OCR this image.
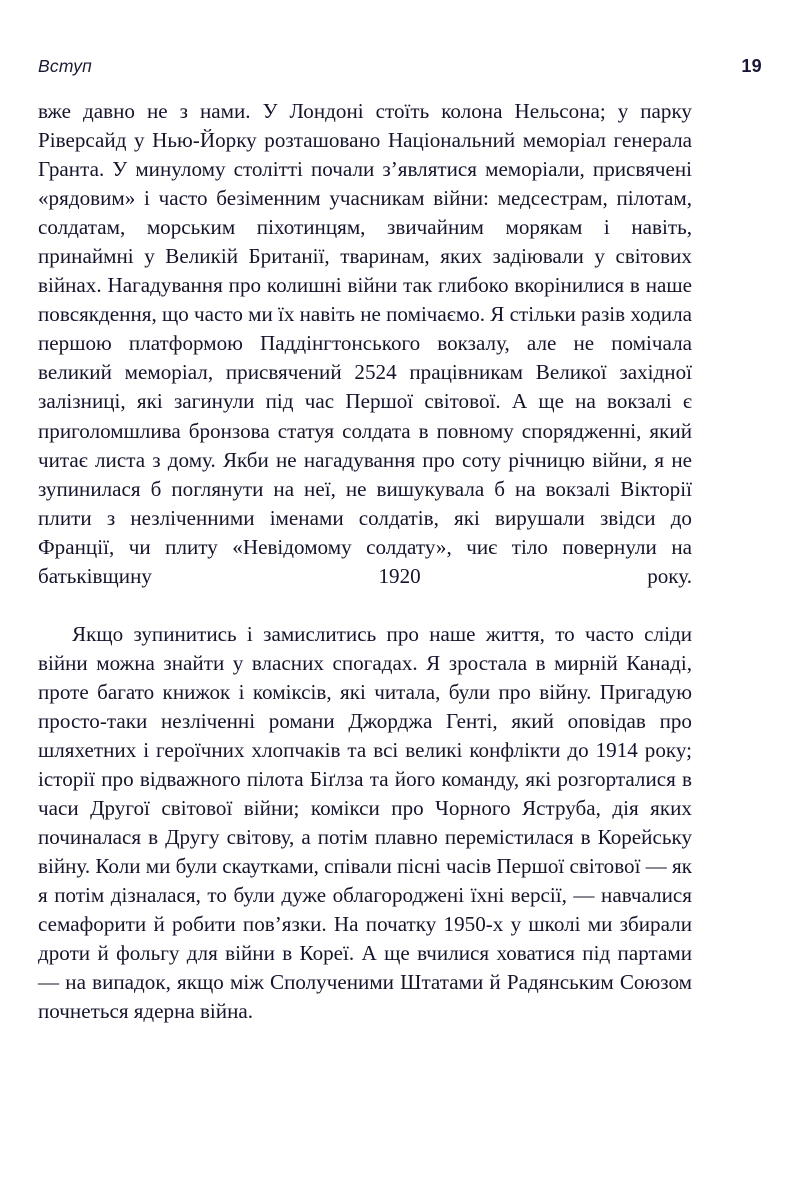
Вступ	19

вже давно не з нами. У Лондоні стоїть колона Нельсона; у парку Ріверсайд у Нью-Йорку розташовано Національний меморіал генерала Гранта. У минулому столітті почали з’являтися меморіали, присвячені «рядовим» і часто безіменним учасникам війни: медсестрам, пілотам, солдатам, морським піхотинцям, звичайним морякам і навіть, принаймні у Великій Британії, тваринам, яких задіювали у світових війнах. Нагадування про колишні війни так глибоко вкорінилися в наше повсякдення, що часто ми їх навіть не помічаємо. Я стільки разів ходила першою платформою Паддінгтонського вокзалу, але не помічала великий меморіал, присвячений 2524 працівникам Великої західної залізниці, які загинули під час Першої світової. А ще на вокзалі є приголомшлива бронзова статуя солдата в повному спорядженні, який читає листа з дому. Якби не нагадування про соту річницю війни, я не зупинилася б поглянути на неї, не вишукувала б на вокзалі Вікторії плити з незліченними іменами солдатів, які вирушали звідси до Франції, чи плиту «Невідомому солдату», чиє тіло повернули на батьківщину 1920 року.

Якщо зупинитись і замислитись про наше життя, то часто сліди війни можна знайти у власних спогадах. Я зростала в мирній Канаді, проте багато книжок і коміксів, які читала, були про війну. Пригадую просто-таки незліченні романи Джорджа Генті, який оповідав про шляхетних і героїчних хлопчаків та всі великі конфлікти до 1914 року; історії про відважного пілота Біґлза та його команду, які розгорталися в часи Другої світової війни; комікси про Чорного Яструба, дія яких починалася в Другу світову, а потім плавно перемістилася в Корейську війну. Коли ми були скаутками, співали пісні часів Першої світової — як я потім дізналася, то були дуже облагороджені їхні версії, — навчалися семафорити й робити пов’язки. На початку 1950-х у школі ми збирали дроти й фольгу для війни в Кореї. А ще вчилися ховатися під партами — на випадок, якщо між Сполученими Штатами й Радянським Союзом почнеться ядерна війна.
